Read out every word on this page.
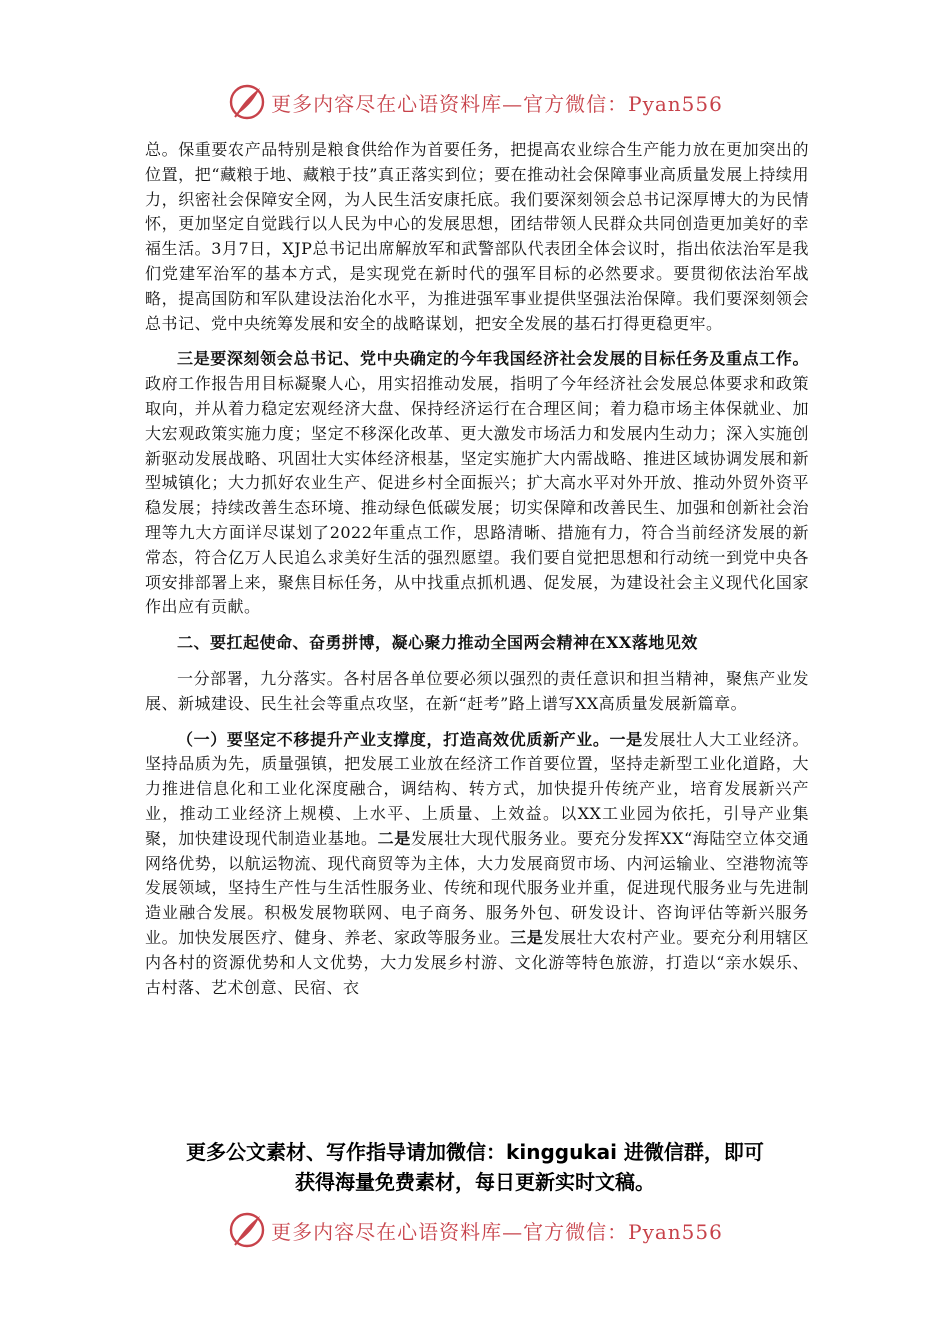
更多内容尽在心语资料库—官方微信：Pyan556

总。保重要农产品特别是粮食供给作为首要任务，把提高农业综合生产能力放在更加突出的位置，把“藏粮于地、藏粮于技”真正落实到位；要在推动社会保障事业高质量发展上持续用力，织密社会保障安全网，为人民生活安康托底。我们要深刻领会总书记深厚博大的为民情怀，更加坚定自觉践行以人民为中心的发展思想，团结带领人民群众共同创造更加美好的幸福生活。3月7日，XJP总书记出席解放军和武警部队代表团全体会议时，指出依法治军是我们党建军治军的基本方式，是实现党在新时代的强军目标的必然要求。要贯彻依法治军战略，提高国防和军队建设法治化水平，为推进强军事业提供坚强法治保障。我们要深刻领会总书记、党中央统筹发展和安全的战略谋划，把安全发展的基石打得更稳更牢。

三是要深刻领会总书记、党中央确定的今年我国经济社会发展的目标任务及重点工作。政府工作报告用目标凝聚人心，用实招推动发展，指明了今年经济社会发展总体要求和政策取向，并从着力稳定宏观经济大盘、保持经济运行在合理区间；着力稳市场主体保就业、加大宏观政策实施力度；坚定不移深化改革、更大激发市场活力和发展内生动力；深入实施创新驱动发展战略、巩固壮大实体经济根基，坚定实施扩大内需战略、推进区域协调发展和新型城镇化；大力抓好农业生产、促进乡村全面振兴；扩大高水平对外开放、推动外贸外资平稳发展；持续改善生态环境、推动绿色低碳发展；切实保障和改善民生、加强和创新社会治理等九大方面详尽谋划了2022年重点工作，思路清晰、措施有力，符合当前经济发展的新常态，符合亿万人民追么求美好生活的强烈愿望。我们要自觉把思想和行动统一到党中央各项安排部署上来，聚焦目标任务，从中找重点抓机遇、促发展，为建设社会主义现代化国家作出应有贡献。

二、要扛起使命、奋勇拼博，凝心聚力推动全国两会精神在XX落地见效

一分部署，九分落实。各村居各单位要必须以强烈的责任意识和担当精神，聚焦产业发展、新城建设、民生社会等重点攻坚，在新“赶考”路上谱写XX高质量发展新篇章。

（一）要坚定不移提升产业支撑度，打造高效优质新产业。一是发展壮人大工业经济。坚持品质为先，质量强镇，把发展工业放在经济工作首要位置，坚持走新型工业化道路，大力推进信息化和工业化深度融合，调结构、转方式，加快提升传统产业，培育发展新兴产业，推动工业经济上规模、上水平、上质量、上效益。以XX工业园为依托，引导产业集聚，加快建设现代制造业基地。二是发展壮大现代服务业。要充分发挥XX“海陆空立体交通网络优势，以航运物流、现代商贸等为主体，大力发展商贸市场、内河运输业、空港物流等发展领域，坚持生产性与生活性服务业、传统和现代服务业并重，促进现代服务业与先进制造业融合发展。积极发展物联网、电子商务、服务外包、研发设计、咨询评估等新兴服务业。加快发展医疗、健身、养老、家政等服务业。三是发展壮大农村产业。要充分利用辖区内各村的资源优势和人文优势，大力发展乡村游、文化游等特色旅游，打造以“亲水娱乐、古村落、艺术创意、民宿、衣

更多公文素材、写作指导请加微信：kinggukai 进微信群，即可
获得海量免费素材，每日更新实时文稿。
更多内容尽在心语资料库—官方微信：Pyan556
